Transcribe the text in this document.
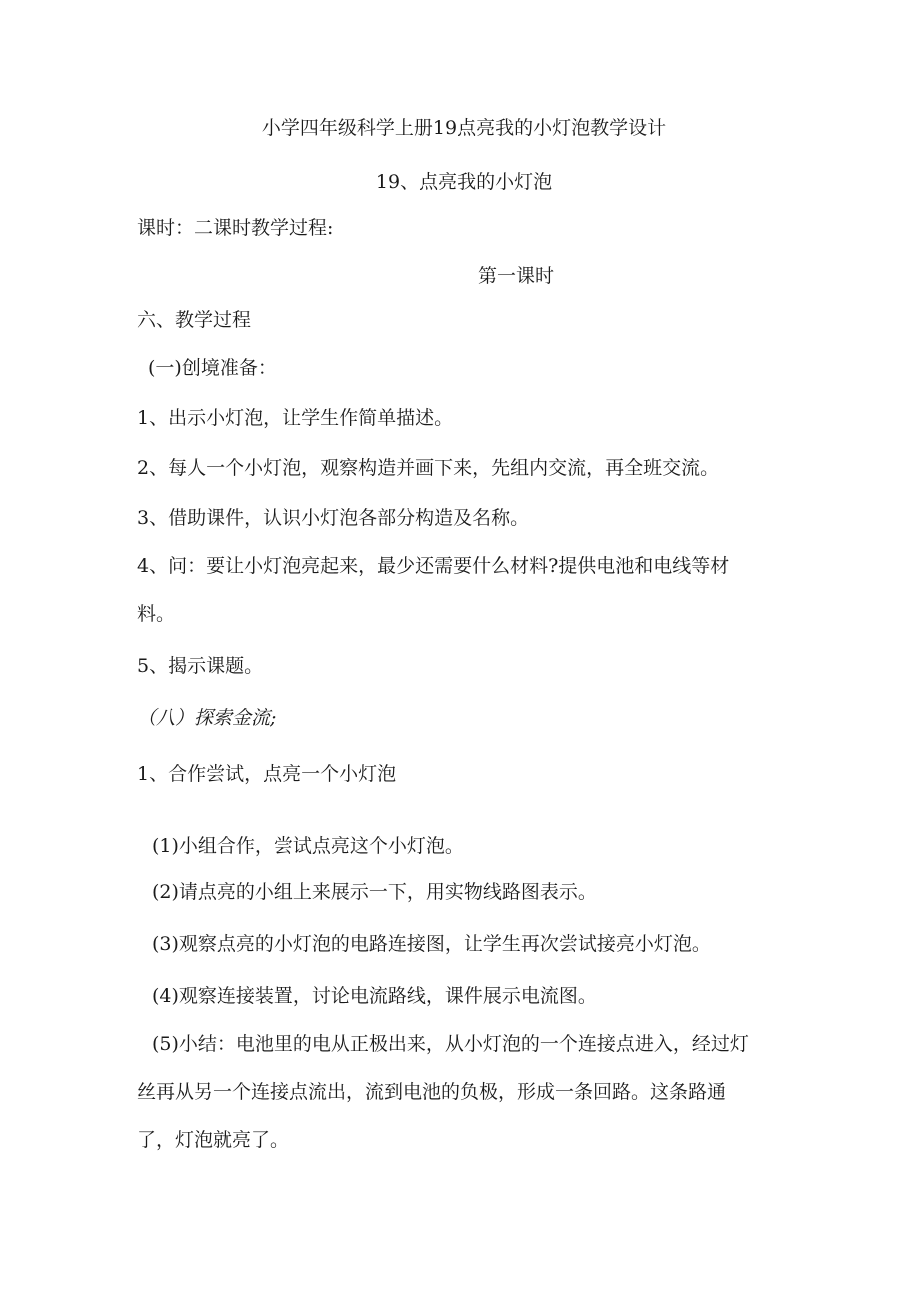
小学四年级科学上册19点亮我的小灯泡教学设计
19、点亮我的小灯泡
课时：二课时教学过程:
第一课时
六、教学过程
(一)创境准备：
1、出示小灯泡，让学生作简单描述。
2、每人一个小灯泡，观察构造并画下来，先组内交流，再全班交流。
3、借助课件，认识小灯泡各部分构造及名称。
4、问：要让小灯泡亮起来，最少还需要什么材料?提供电池和电线等材
料。
5、揭示课题。
（八）探索金流;
1、合作尝试，点亮一个小灯泡
(1)小组合作，尝试点亮这个小灯泡。
(2)请点亮的小组上来展示一下，用实物线路图表示。
(3)观察点亮的小灯泡的电路连接图，让学生再次尝试接亮小灯泡。
(4)观察连接装置，讨论电流路线，课件展示电流图。
(5)小结：电池里的电从正极出来，从小灯泡的一个连接点进入，经过灯
丝再从另一个连接点流出，流到电池的负极，形成一条回路。这条路通
了，灯泡就亮了。
